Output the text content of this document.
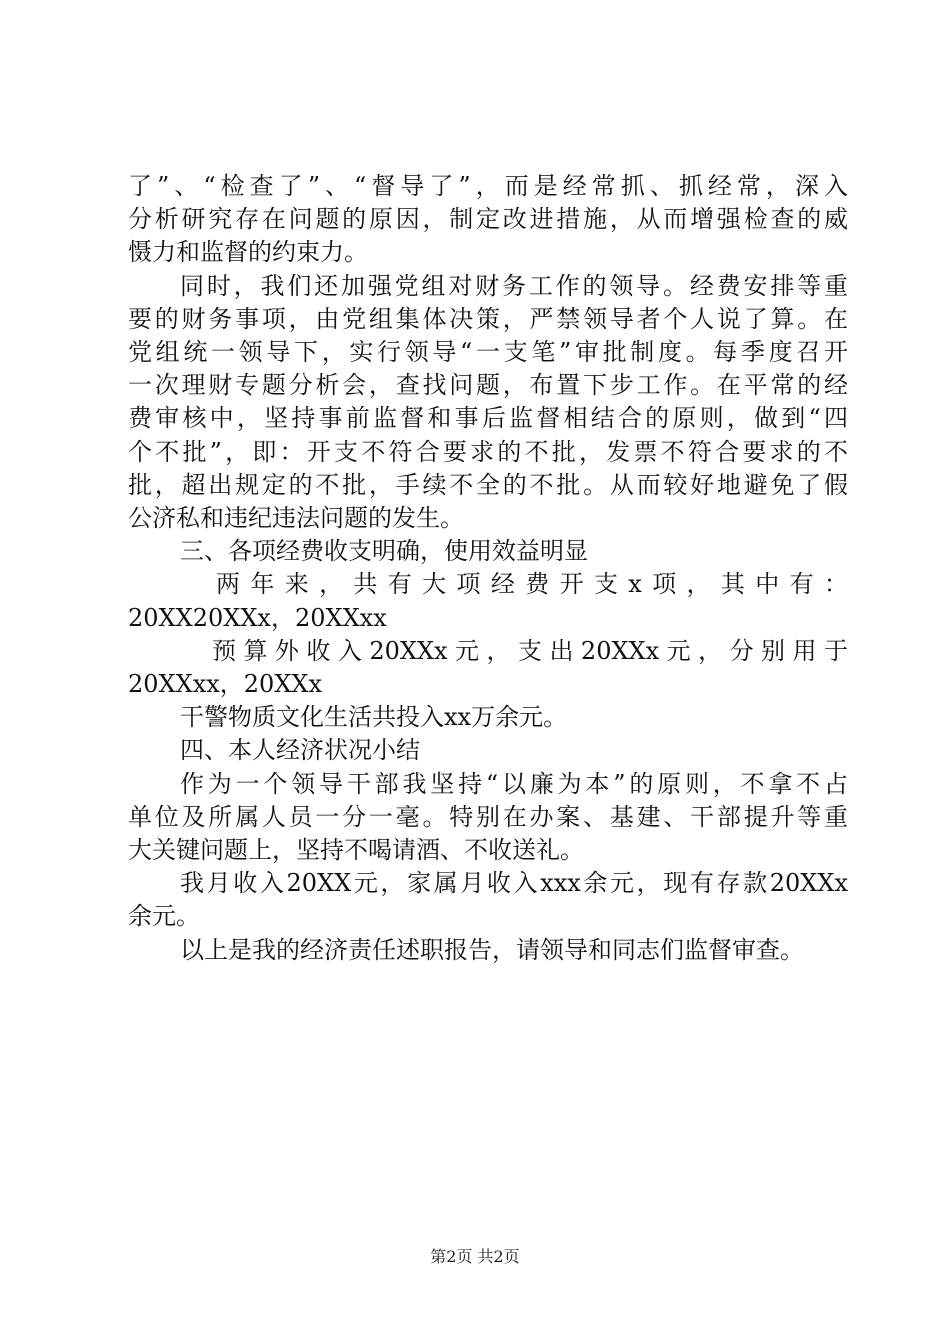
了”、“检查了”、“督导了”，而是经常抓、抓经常，深入
分析研究存在问题的原因，制定改进措施，从而增强检查的威
慑力和监督的约束力。
同时，我们还加强党组对财务工作的领导。经费安排等重
要的财务事项，由党组集体决策，严禁领导者个人说了算。在
党组统一领导下，实行领导“一支笔”审批制度。每季度召开
一次理财专题分析会，查找问题，布置下步工作。在平常的经
费审核中，坚持事前监督和事后监督相结合的原则，做到“四
个不批”，即：开支不符合要求的不批，发票不符合要求的不
批，超出规定的不批，手续不全的不批。从而较好地避免了假
公济私和违纪违法问题的发生。
三、各项经费收支明确，使用效益明显
两年来，共有大项经费开支x项，其中有：
20XX20XXx，20XXxx
预算外收入20XXx元，支出20XXx元，分别用于
20XXxx，20XXx
干警物质文化生活共投入xx万余元。
四、本人经济状况小结
作为一个领导干部我坚持“以廉为本”的原则，不拿不占
单位及所属人员一分一毫。特别在办案、基建、干部提升等重
大关键问题上，坚持不喝请酒、不收送礼。
我月收入20XX元，家属月收入xxx余元，现有存款20XXx
余元。
以上是我的经济责任述职报告，请领导和同志们监督审查。
第2页 共2页
